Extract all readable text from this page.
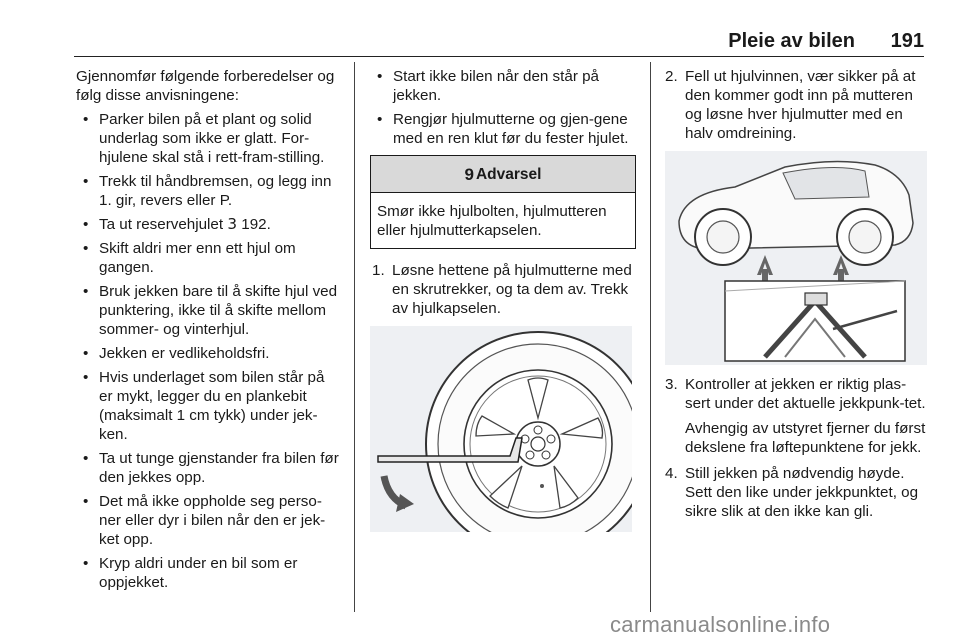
Pleie av bilen 191

Gjennomfør følgende forberedelser og følg disse anvisningene:

• Parker bilen på et plant og solid underlag som ikke er glatt. For-hjulene skal stå i rett-fram-stilling.
• Trekk til håndbremsen, og legg inn 1. gir, revers eller P.
• Ta ut reservehjulet 3 192.
• Skift aldri mer enn ett hjul om gangen.
• Bruk jekken bare til å skifte hjul ved punktering, ikke til å skifte mellom sommer- og vinterhjul.
• Jekken er vedlikeholdsfri.
• Hvis underlaget som bilen står på er mykt, legger du en plankebit (maksimalt 1 cm tykk) under jek-ken.
• Ta ut tunge gjenstander fra bilen før den jekkes opp.
• Det må ikke oppholde seg perso-ner eller dyr i bilen når den er jek-ket opp.
• Kryp aldri under en bil som er oppjekket.
• Start ikke bilen når den står på jekken.
• Rengjør hjulmutterne og gjen-gene med en ren klut før du fester hjulet.
9 Advarsel
Smør ikke hjulbolten, hjulmutteren eller hjulmutterkapselen.
1. Løsne hettene på hjulmutterne med en skrutrekker, og ta dem av. Trekk av hjulkapselen.
2. Fell ut hjulvinnen, vær sikker på at den kommer godt inn på mutteren og løsne hver hjulmutter med en halv omdreining.
3. Kontroller at jekken er riktig plas-sert under det aktuelle jekkpunk-tet.

Avhengig av utstyret fjerner du først dekslene fra løftepunktene for jekk.

4. Still jekken på nødvendig høyde. Sett den like under jekkpunktet, og sikre slik at den ikke kan gli.
carmanualsonline.info
